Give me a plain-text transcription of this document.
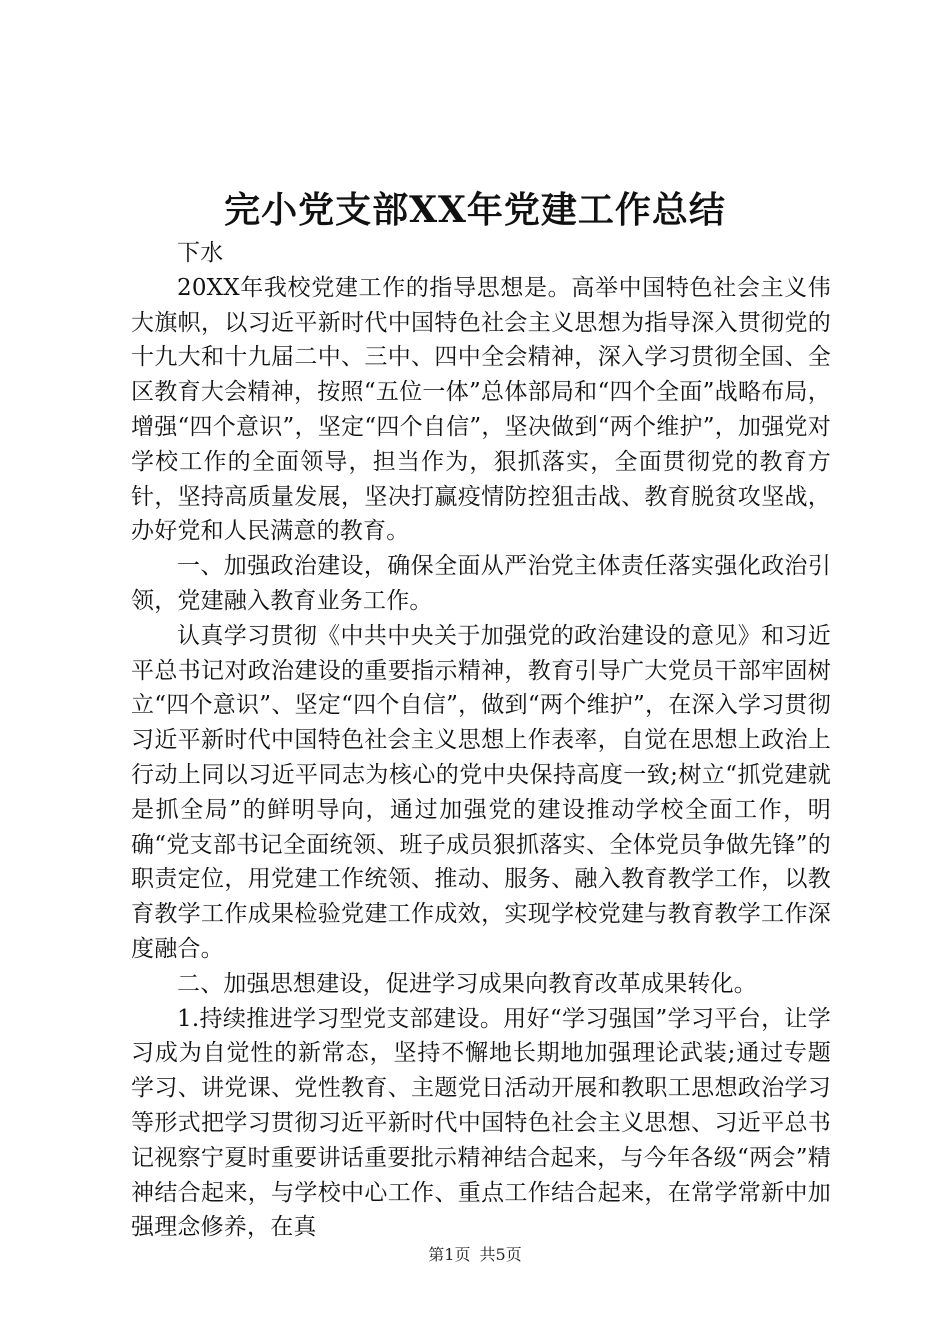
完小党支部XX年党建工作总结

下水

20XX年我校党建工作的指导思想是。高举中国特色社会主义伟大旗帜，以习近平新时代中国特色社会主义思想为指导深入贯彻党的十九大和十九届二中、三中、四中全会精神，深入学习贯彻全国、全区教育大会精神，按照“五位一体”总体部局和“四个全面”战略布局，增强“四个意识”，坚定“四个自信”，坚决做到“两个维护”，加强党对学校工作的全面领导，担当作为，狠抓落实，全面贯彻党的教育方针，坚持高质量发展，坚决打赢疫情防控狙击战、教育脱贫攻坚战，办好党和人民满意的教育。

一、加强政治建设，确保全面从严治党主体责任落实强化政治引领，党建融入教育业务工作。

认真学习贯彻《中共中央关于加强党的政治建设的意见》和习近平总书记对政治建设的重要指示精神，教育引导广大党员干部牢固树立“四个意识”、坚定“四个自信”，做到“两个维护”，在深入学习贯彻习近平新时代中国特色社会主义思想上作表率，自觉在思想上政治上行动上同以习近平同志为核心的党中央保持高度一致;树立“抓党建就是抓全局”的鲜明导向，通过加强党的建设推动学校全面工作，明确“党支部书记全面统领、班子成员狠抓落实、全体党员争做先锋”的职责定位，用党建工作统领、推动、服务、融入教育教学工作，以教育教学工作成果检验党建工作成效，实现学校党建与教育教学工作深度融合。

二、加强思想建设，促进学习成果向教育改革成果转化。

1.持续推进学习型党支部建设。用好“学习强国”学习平台，让学习成为自觉性的新常态，坚持不懈地长期地加强理论武装;通过专题学习、讲党课、党性教育、主题党日活动开展和教职工思想政治学习等形式把学习贯彻习近平新时代中国特色社会主义思想、习近平总书记视察宁夏时重要讲话重要批示精神结合起来，与今年各级“两会”精神结合起来，与学校中心工作、重点工作结合起来，在常学常新中加强理念修养，在真

第1页 共5页
